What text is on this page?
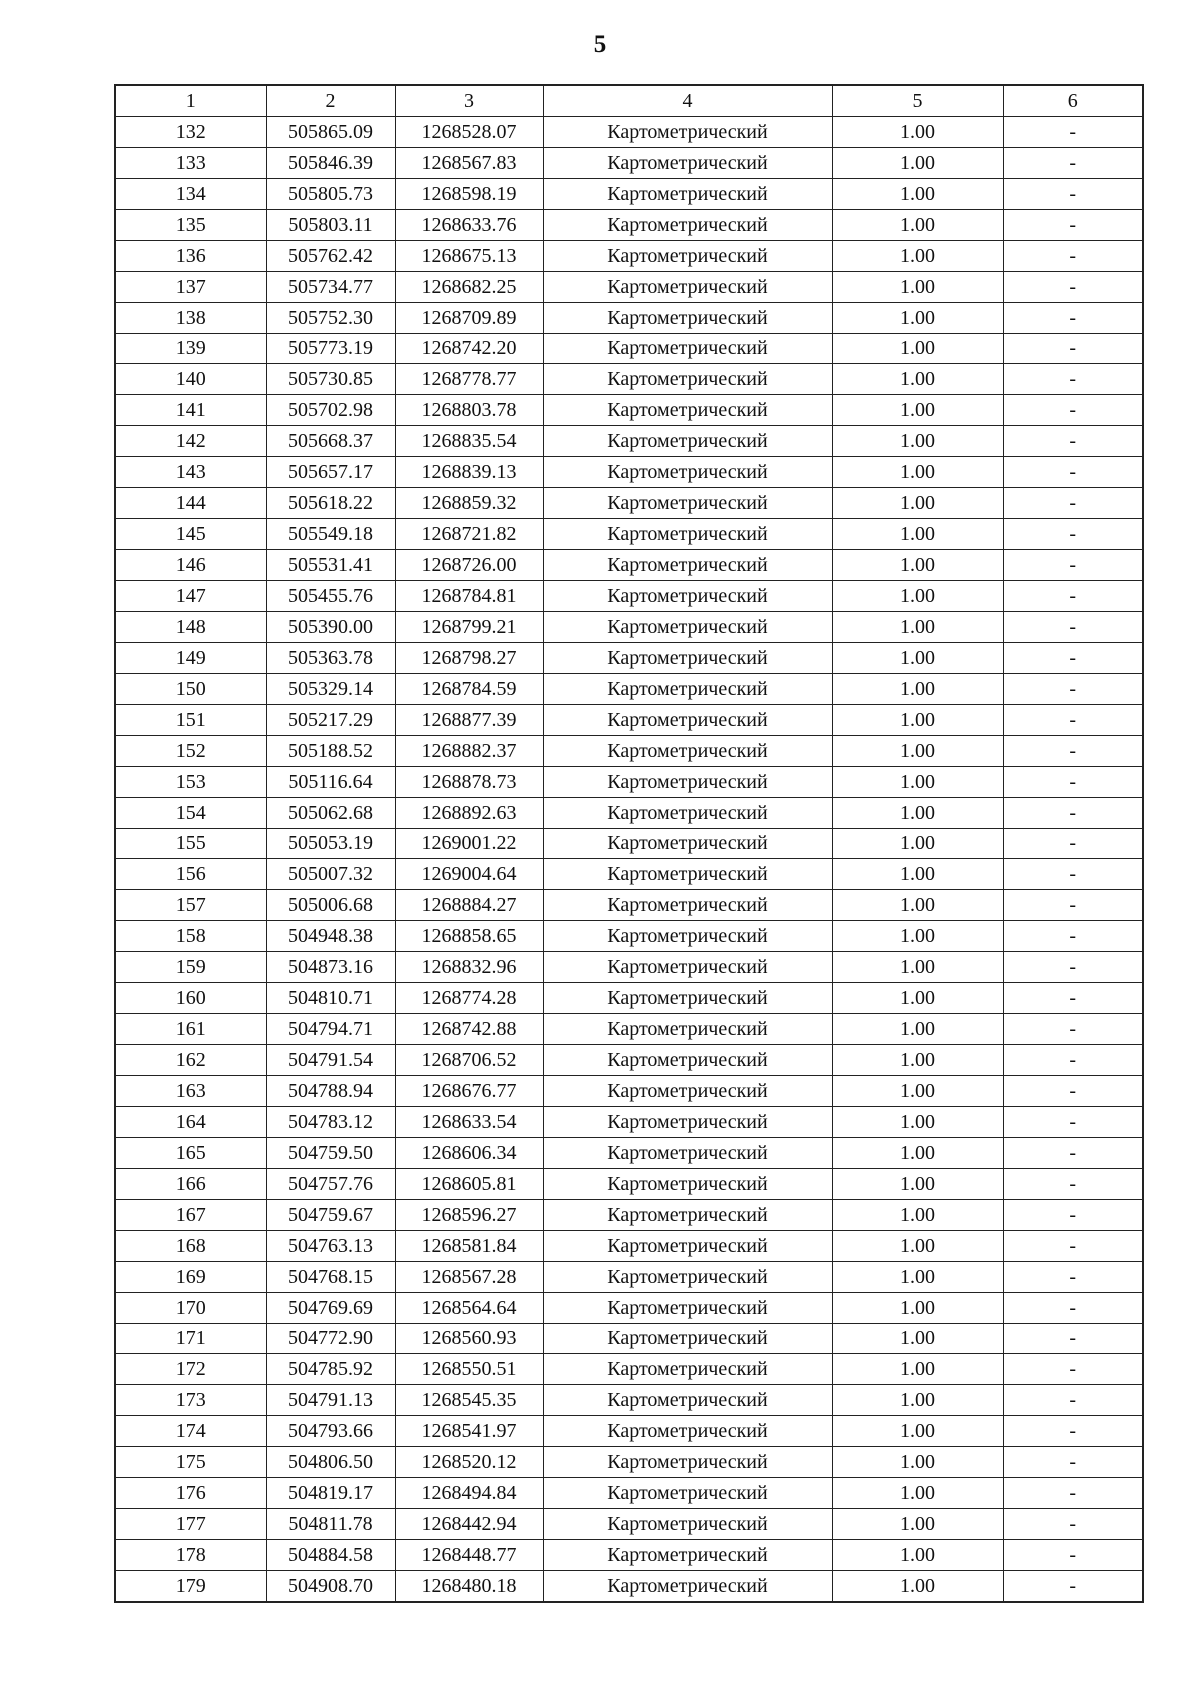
5
1	2	3	4	5	6
132	505865.09	1268528.07	Картометрический	1.00	-
133	505846.39	1268567.83	Картометрический	1.00	-
134	505805.73	1268598.19	Картометрический	1.00	-
135	505803.11	1268633.76	Картометрический	1.00	-
136	505762.42	1268675.13	Картометрический	1.00	-
137	505734.77	1268682.25	Картометрический	1.00	-
138	505752.30	1268709.89	Картометрический	1.00	-
139	505773.19	1268742.20	Картометрический	1.00	-
140	505730.85	1268778.77	Картометрический	1.00	-
141	505702.98	1268803.78	Картометрический	1.00	-
142	505668.37	1268835.54	Картометрический	1.00	-
143	505657.17	1268839.13	Картометрический	1.00	-
144	505618.22	1268859.32	Картометрический	1.00	-
145	505549.18	1268721.82	Картометрический	1.00	-
146	505531.41	1268726.00	Картометрический	1.00	-
147	505455.76	1268784.81	Картометрический	1.00	-
148	505390.00	1268799.21	Картометрический	1.00	-
149	505363.78	1268798.27	Картометрический	1.00	-
150	505329.14	1268784.59	Картометрический	1.00	-
151	505217.29	1268877.39	Картометрический	1.00	-
152	505188.52	1268882.37	Картометрический	1.00	-
153	505116.64	1268878.73	Картометрический	1.00	-
154	505062.68	1268892.63	Картометрический	1.00	-
155	505053.19	1269001.22	Картометрический	1.00	-
156	505007.32	1269004.64	Картометрический	1.00	-
157	505006.68	1268884.27	Картометрический	1.00	-
158	504948.38	1268858.65	Картометрический	1.00	-
159	504873.16	1268832.96	Картометрический	1.00	-
160	504810.71	1268774.28	Картометрический	1.00	-
161	504794.71	1268742.88	Картометрический	1.00	-
162	504791.54	1268706.52	Картометрический	1.00	-
163	504788.94	1268676.77	Картометрический	1.00	-
164	504783.12	1268633.54	Картометрический	1.00	-
165	504759.50	1268606.34	Картометрический	1.00	-
166	504757.76	1268605.81	Картометрический	1.00	-
167	504759.67	1268596.27	Картометрический	1.00	-
168	504763.13	1268581.84	Картометрический	1.00	-
169	504768.15	1268567.28	Картометрический	1.00	-
170	504769.69	1268564.64	Картометрический	1.00	-
171	504772.90	1268560.93	Картометрический	1.00	-
172	504785.92	1268550.51	Картометрический	1.00	-
173	504791.13	1268545.35	Картометрический	1.00	-
174	504793.66	1268541.97	Картометрический	1.00	-
175	504806.50	1268520.12	Картометрический	1.00	-
176	504819.17	1268494.84	Картометрический	1.00	-
177	504811.78	1268442.94	Картометрический	1.00	-
178	504884.58	1268448.77	Картометрический	1.00	-
179	504908.70	1268480.18	Картометрический	1.00	-
